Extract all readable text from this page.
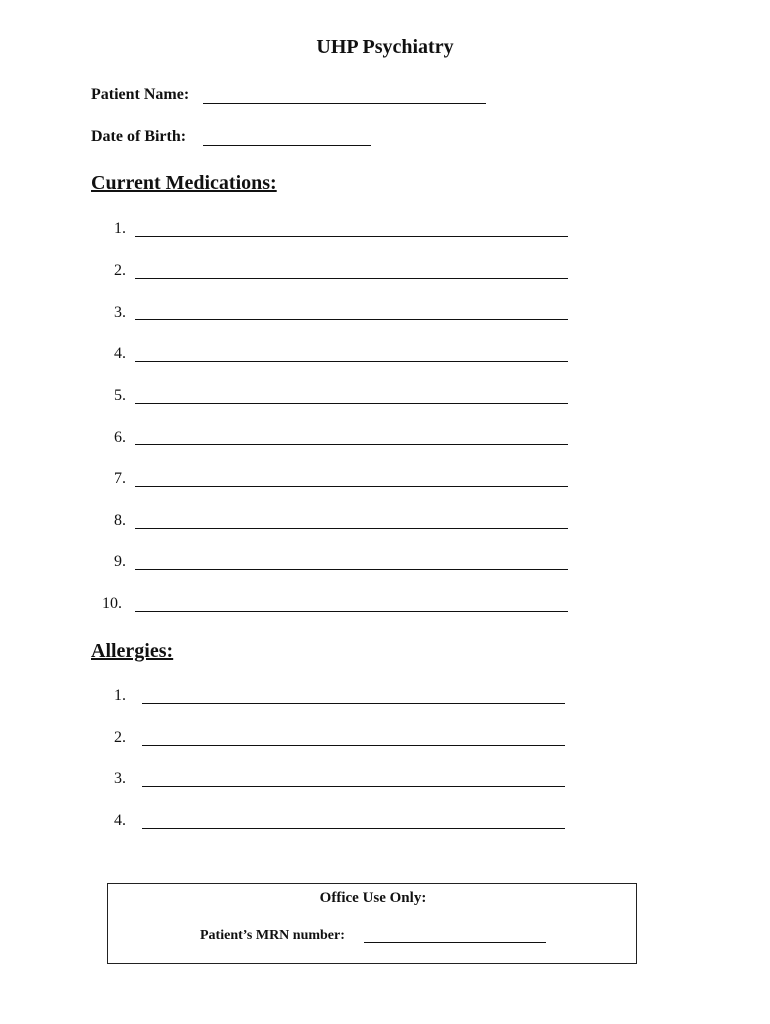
UHP Psychiatry
Patient Name:
Date of Birth:
Current Medications:
1.
2.
3.
4.
5.
6.
7.
8.
9.
10.
Allergies:
1.
2.
3.
4.
Office Use Only:
Patient’s MRN number:
